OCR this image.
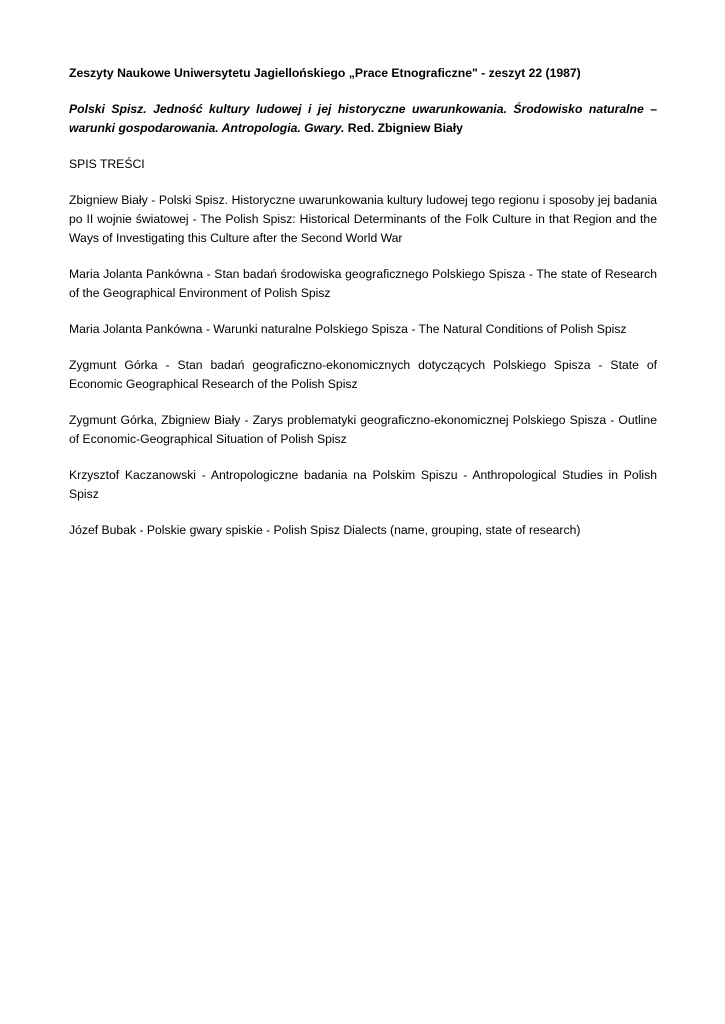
Zeszyty Naukowe Uniwersytetu Jagiellońskiego „Prace Etnograficzne" - zeszyt 22 (1987)

Polski Spisz. Jedność kultury ludowej i jej historyczne uwarunkowania. Środowisko naturalne – warunki gospodarowania. Antropologia. Gwary. Red. Zbigniew Biały

SPIS TREŚCI

Zbigniew Biały - Polski Spisz. Historyczne uwarunkowania kultury ludowej tego regionu i sposoby jej badania po II wojnie światowej - The Polish Spisz: Historical Determinants of the Folk Culture in that Region and the Ways of Investigating this Culture after the Second World War

Maria Jolanta Pankówna - Stan badań środowiska geograficznego Polskiego Spisza - The state of Research of the Geographical Environment of Polish Spisz

Maria Jolanta Pankówna - Warunki naturalne Polskiego Spisza - The Natural Conditions of Polish Spisz

Zygmunt Górka - Stan badań geograficzno-ekonomicznych dotyczących Polskiego Spisza - State of Economic Geographical Research of the Polish Spisz

Zygmunt Górka, Zbigniew Biały - Zarys problematyki geograficzno-ekonomicznej Polskiego Spisza - Outline of Economic-Geographical Situation of Polish Spisz

Krzysztof Kaczanowski - Antropologiczne badania na Polskim Spiszu - Anthropological Studies in Polish Spisz

Józef Bubak - Polskie gwary spiskie - Polish Spisz Dialects (name, grouping, state of research)
